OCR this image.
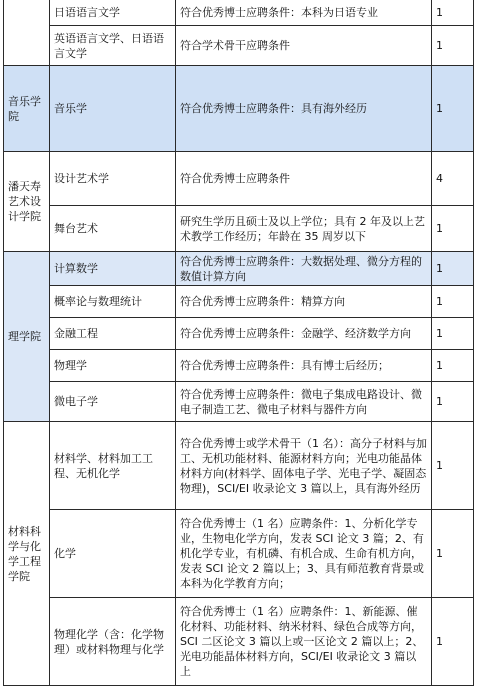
	日语语言文学	符合优秀博士应聘条件：本科为日语专业	1
	英语语言文学、日语语言文学	符合学术骨干应聘条件	1
音乐学院	音乐学	符合优秀博士应聘条件：具有海外经历	1
潘天寿艺术设计学院	设计艺术学	符合优秀博士应聘条件	4
	舞台艺术	研究生学历且硕士及以上学位；具有 2 年及以上艺术教学工作经历；年龄在 35 周岁以下	1
理学院	计算数学	符合优秀博士应聘条件：大数据处理、微分方程的数值计算方向	1
	概率论与数理统计	符合优秀博士应聘条件：精算方向	1
	金融工程	符合优秀博士应聘条件：金融学、经济数学方向	1
	物理学	符合优秀博士应聘条件：具有博士后经历；	1
	微电子学	符合优秀博士应聘条件：微电子集成电路设计、微电子制造工艺、微电子材料与器件方向	1
材料科学与化学工程学院	材料学、材料加工工程、无机化学	符合优秀博士或学术骨干（1 名）：高分子材料与加工、无机功能材料、能源材料方向；光电功能晶体材料方向(材料学、固体电子学、光电子学、凝固态物理)，SCI/EI 收录论文 3 篇以上，具有海外经历	1
	化学	符合优秀博士（1 名）应聘条件：1、分析化学专业，生物电化学方向，发表 SCI 论文 3 篇；2、有机化学专业，有机磷、有机合成、生命有机方向，发表 SCI 论文 2 篇以上；3、具有师范教育背景或本科为化学教育方向；	1
	物理化学（含：化学物理）或材料物理与化学	符合优秀博士（1 名）应聘条件：1、新能源、催化材料、功能材料、纳米材料、绿色合成等方向，SCI 二区论文 3 篇以上或一区论文 2 篇以上；2、光电功能晶体材料方向，SCI/EI 收录论文 3 篇以上	1
